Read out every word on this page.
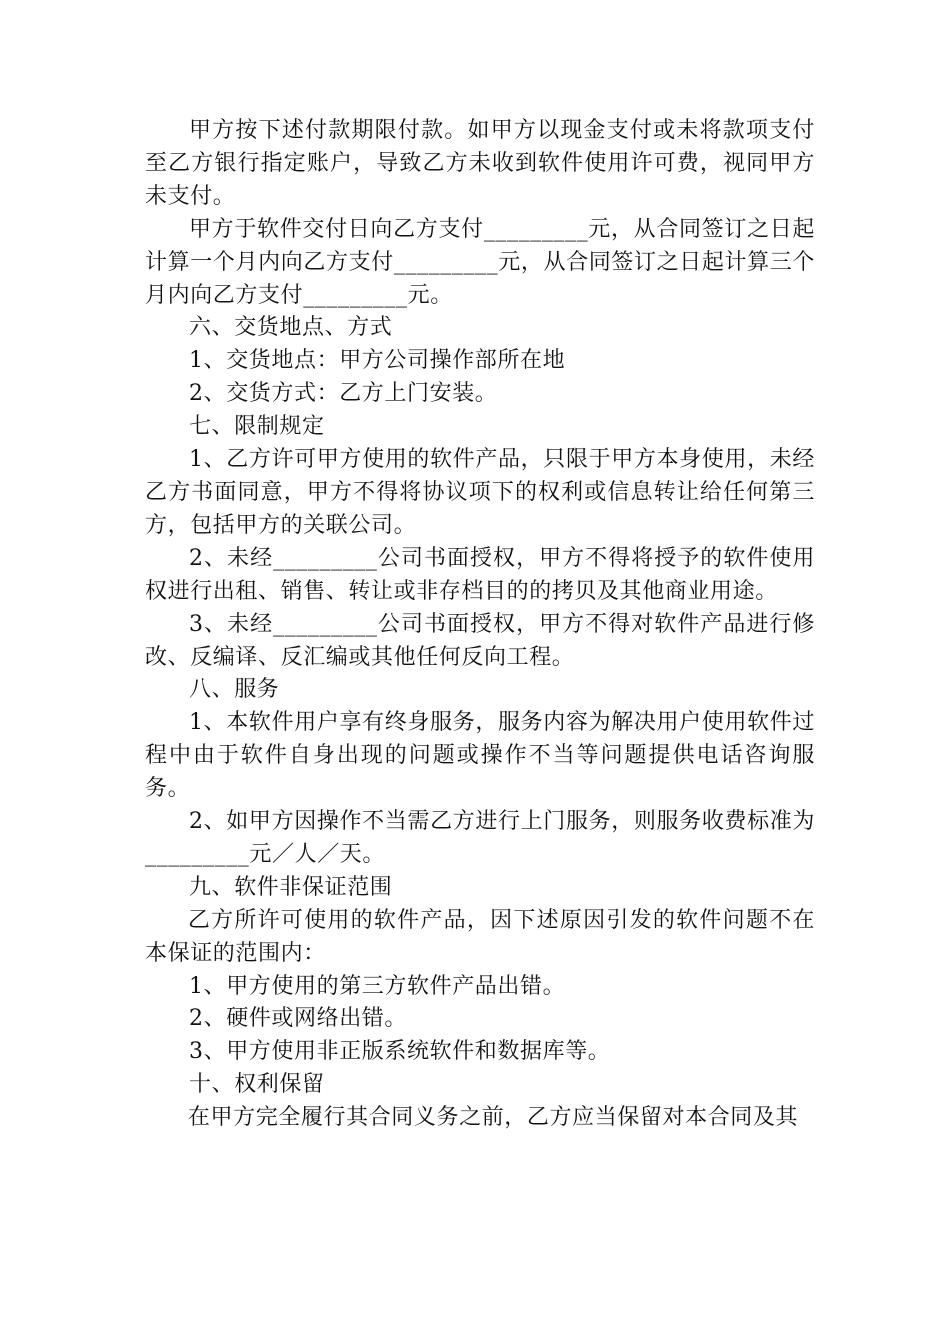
甲方按下述付款期限付款。如甲方以现金支付或未将款项支付至乙方银行指定账户，导致乙方未收到软件使用许可费，视同甲方未支付。

甲方于软件交付日向乙方支付_________元，从合同签订之日起计算一个月内向乙方支付_________元，从合同签订之日起计算三个月内向乙方支付_________元。

六、交货地点、方式

1、交货地点：甲方公司操作部所在地

2、交货方式：乙方上门安装。

七、限制规定

1、乙方许可甲方使用的软件产品，只限于甲方本身使用，未经乙方书面同意，甲方不得将协议项下的权利或信息转让给任何第三方，包括甲方的关联公司。

2、未经_________公司书面授权，甲方不得将授予的软件使用权进行出租、销售、转让或非存档目的的拷贝及其他商业用途。

3、未经_________公司书面授权，甲方不得对软件产品进行修改、反编译、反汇编或其他任何反向工程。

八、服务

1、本软件用户享有终身服务，服务内容为解决用户使用软件过程中由于软件自身出现的问题或操作不当等问题提供电话咨询服务。

2、如甲方因操作不当需乙方进行上门服务，则服务收费标准为_________元／人／天。

九、软件非保证范围

乙方所许可使用的软件产品，因下述原因引发的软件问题不在本保证的范围内：

1、甲方使用的第三方软件产品出错。

2、硬件或网络出错。

3、甲方使用非正版系统软件和数据库等。

十、权利保留

在甲方完全履行其合同义务之前，乙方应当保留对本合同及其
